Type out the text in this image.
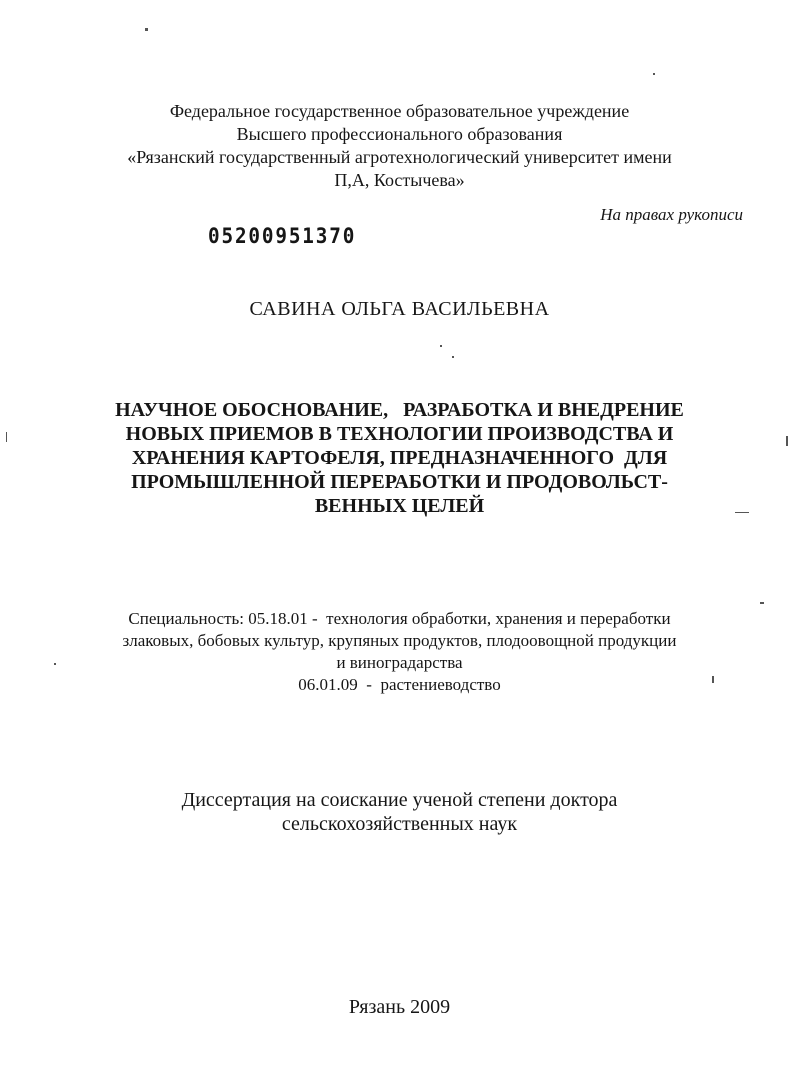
Федеральное государственное образовательное учреждение
Высшего профессионального образования
«Рязанский государственный агротехнологический университет имени
П,А, Костычева»
На правах рукописи
05200951370
САВИНА ОЛЬГА ВАСИЛЬЕВНА
НАУЧНОЕ ОБОСНОВАНИЕ,   РАЗРАБОТКА И ВНЕДРЕНИЕ
НОВЫХ ПРИЕМОВ В ТЕХНОЛОГИИ ПРОИЗВОДСТВА И
ХРАНЕНИЯ КАРТОФЕЛЯ, ПРЕДНАЗНАЧЕННОГО  ДЛЯ
ПРОМЫШЛЕННОЙ ПЕРЕРАБОТКИ И ПРОДОВОЛЬСТ-
ВЕННЫХ ЦЕЛЕЙ
Специальность: 05.18.01 -  технология обработки, хранения и переработки
злаковых, бобовых культур, крупяных продуктов, плодоовощной продукции
и виноградарства
06.01.09  -  растениеводство
Диссертация на соискание ученой степени доктора
сельскохозяйственных наук
Рязань 2009
